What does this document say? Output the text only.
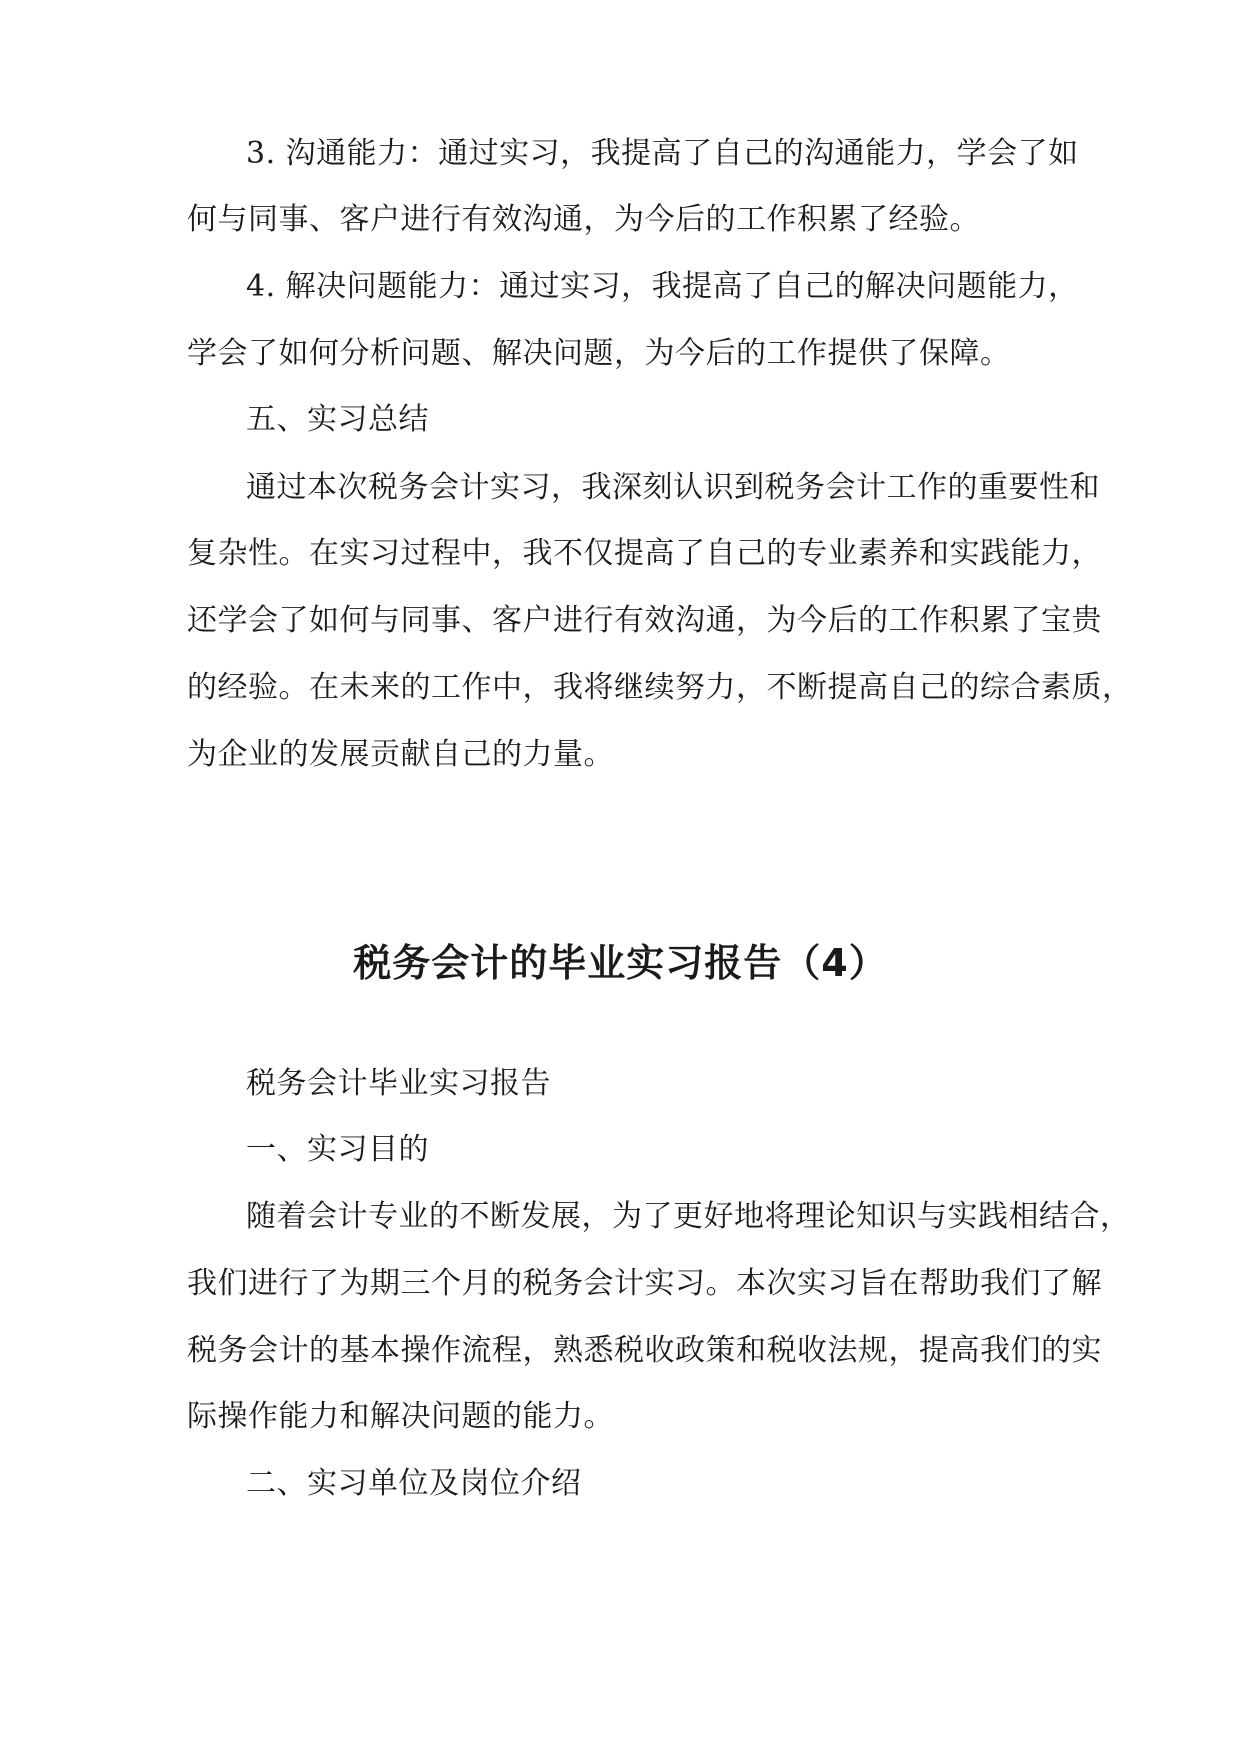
3. 沟通能力：通过实习，我提高了自己的沟通能力，学会了如
何与同事、客户进行有效沟通，为今后的工作积累了经验。
4. 解决问题能力：通过实习，我提高了自己的解决问题能力，
学会了如何分析问题、解决问题，为今后的工作提供了保障。
五、实习总结
通过本次税务会计实习，我深刻认识到税务会计工作的重要性和
复杂性。在实习过程中，我不仅提高了自己的专业素养和实践能力，
还学会了如何与同事、客户进行有效沟通，为今后的工作积累了宝贵
的经验。在未来的工作中，我将继续努力，不断提高自己的综合素质，
为企业的发展贡献自己的力量。
税务会计的毕业实习报告（4）
税务会计毕业实习报告
一、实习目的
随着会计专业的不断发展，为了更好地将理论知识与实践相结合，
我们进行了为期三个月的税务会计实习。本次实习旨在帮助我们了解
税务会计的基本操作流程，熟悉税收政策和税收法规，提高我们的实
际操作能力和解决问题的能力。
二、实习单位及岗位介绍
